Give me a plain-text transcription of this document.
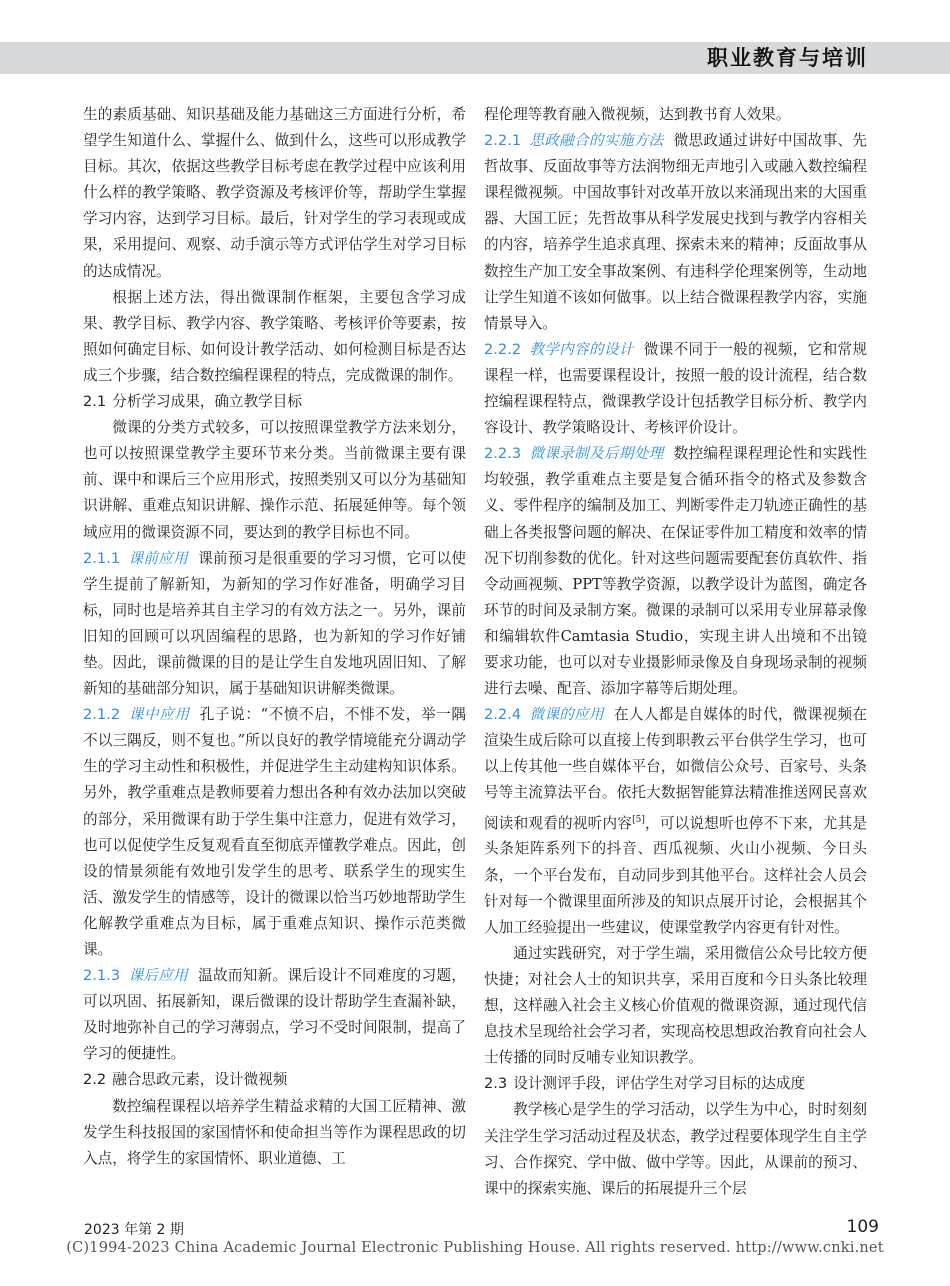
职业教育与培训

生的素质基础、知识基础及能力基础这三方面进行分析，希望学生知道什么、掌握什么、做到什么，这些可以形成教学目标。其次，依据这些教学目标考虑在教学过程中应该利用什么样的教学策略、教学资源及考核评价等，帮助学生掌握学习内容，达到学习目标。最后，针对学生的学习表现或成果，采用提问、观察、动手演示等方式评估学生对学习目标的达成情况。

根据上述方法，得出微课制作框架，主要包含学习成果、教学目标、教学内容、教学策略、考核评价等要素，按照如何确定目标、如何设计教学活动、如何检测目标是否达成三个步骤，结合数控编程课程的特点，完成微课的制作。

2.1 分析学习成果，确立教学目标

微课的分类方式较多，可以按照课堂教学方法来划分，也可以按照课堂教学主要环节来分类。当前微课主要有课前、课中和课后三个应用形式，按照类别又可以分为基础知识讲解、重难点知识讲解、操作示范、拓展延伸等。每个领域应用的微课资源不同，要达到的教学目标也不同。

2.1.1 课前应用 课前预习是很重要的学习习惯，它可以使学生提前了解新知，为新知的学习作好准备，明确学习目标，同时也是培养其自主学习的有效方法之一。另外，课前旧知的回顾可以巩固编程的思路，也为新知的学习作好铺垫。因此，课前微课的目的是让学生自发地巩固旧知、了解新知的基础部分知识，属于基础知识讲解类微课。

2.1.2 课中应用 孔子说：“不愤不启，不悱不发，举一隅不以三隅反，则不复也。”所以良好的教学情境能充分调动学生的学习主动性和积极性，并促进学生主动建构知识体系。另外，教学重难点是教师要着力想出各种有效办法加以突破的部分，采用微课有助于学生集中注意力，促进有效学习，也可以促使学生反复观看直至彻底弄懂教学难点。因此，创设的情景须能有效地引发学生的思考、联系学生的现实生活、激发学生的情感等，设计的微课以恰当巧妙地帮助学生化解教学重难点为目标，属于重难点知识、操作示范类微课。

2.1.3 课后应用 温故而知新。课后设计不同难度的习题，可以巩固、拓展新知，课后微课的设计帮助学生查漏补缺，及时地弥补自己的学习薄弱点，学习不受时间限制，提高了学习的便捷性。

2.2 融合思政元素，设计微视频

数控编程课程以培养学生精益求精的大国工匠精神、激发学生科技报国的家国情怀和使命担当等作为课程思政的切入点，将学生的家国情怀、职业道德、工

程伦理等教育融入微视频，达到教书育人效果。

2.2.1 思政融合的实施方法 微思政通过讲好中国故事、先哲故事、反面故事等方法润物细无声地引入或融入数控编程课程微视频。中国故事针对改革开放以来涌现出来的大国重器、大国工匠；先哲故事从科学发展史找到与教学内容相关的内容，培养学生追求真理、探索未来的精神；反面故事从数控生产加工安全事故案例、有违科学伦理案例等，生动地让学生知道不该如何做事。以上结合微课程教学内容，实施情景导入。

2.2.2 教学内容的设计 微课不同于一般的视频，它和常规课程一样，也需要课程设计，按照一般的设计流程，结合数控编程课程特点，微课教学设计包括教学目标分析、教学内容设计、教学策略设计、考核评价设计。

2.2.3 微课录制及后期处理 数控编程课程理论性和实践性均较强，教学重难点主要是复合循环指令的格式及参数含义、零件程序的编制及加工、判断零件走刀轨迹正确性的基础上各类报警问题的解决、在保证零件加工精度和效率的情况下切削参数的优化。针对这些问题需要配套仿真软件、指令动画视频、PPT等教学资源，以教学设计为蓝图，确定各环节的时间及录制方案。微课的录制可以采用专业屏幕录像和编辑软件Camtasia Studio，实现主讲人出境和不出镜要求功能，也可以对专业摄影师录像及自身现场录制的视频进行去噪、配音、添加字幕等后期处理。

2.2.4 微课的应用 在人人都是自媒体的时代，微课视频在渲染生成后除可以直接上传到职教云平台供学生学习，也可以上传其他一些自媒体平台，如微信公众号、百家号、头条号等主流算法平台。依托大数据智能算法精准推送网民喜欢阅读和观看的视听内容[5]，可以说想听也停不下来，尤其是头条矩阵系列下的抖音、西瓜视频、火山小视频、今日头条，一个平台发布，自动同步到其他平台。这样社会人员会针对每一个微课里面所涉及的知识点展开讨论，会根据其个人加工经验提出一些建议，使课堂教学内容更有针对性。

通过实践研究，对于学生端，采用微信公众号比较方便快捷；对社会人士的知识共享，采用百度和今日头条比较理想，这样融入社会主义核心价值观的微课资源，通过现代信息技术呈现给社会学习者，实现高校思想政治教育向社会人士传播的同时反哺专业知识教学。

2.3 设计测评手段，评估学生对学习目标的达成度

教学核心是学生的学习活动，以学生为中心，时时刻刻关注学生学习活动过程及状态，教学过程要体现学生自主学习、合作探究、学中做、做中学等。因此，从课前的预习、课中的探索实施、课后的拓展提升三个层

2023 年第 2 期	109
(C)1994-2023 China Academic Journal Electronic Publishing House. All rights reserved. http://www.cnki.net
